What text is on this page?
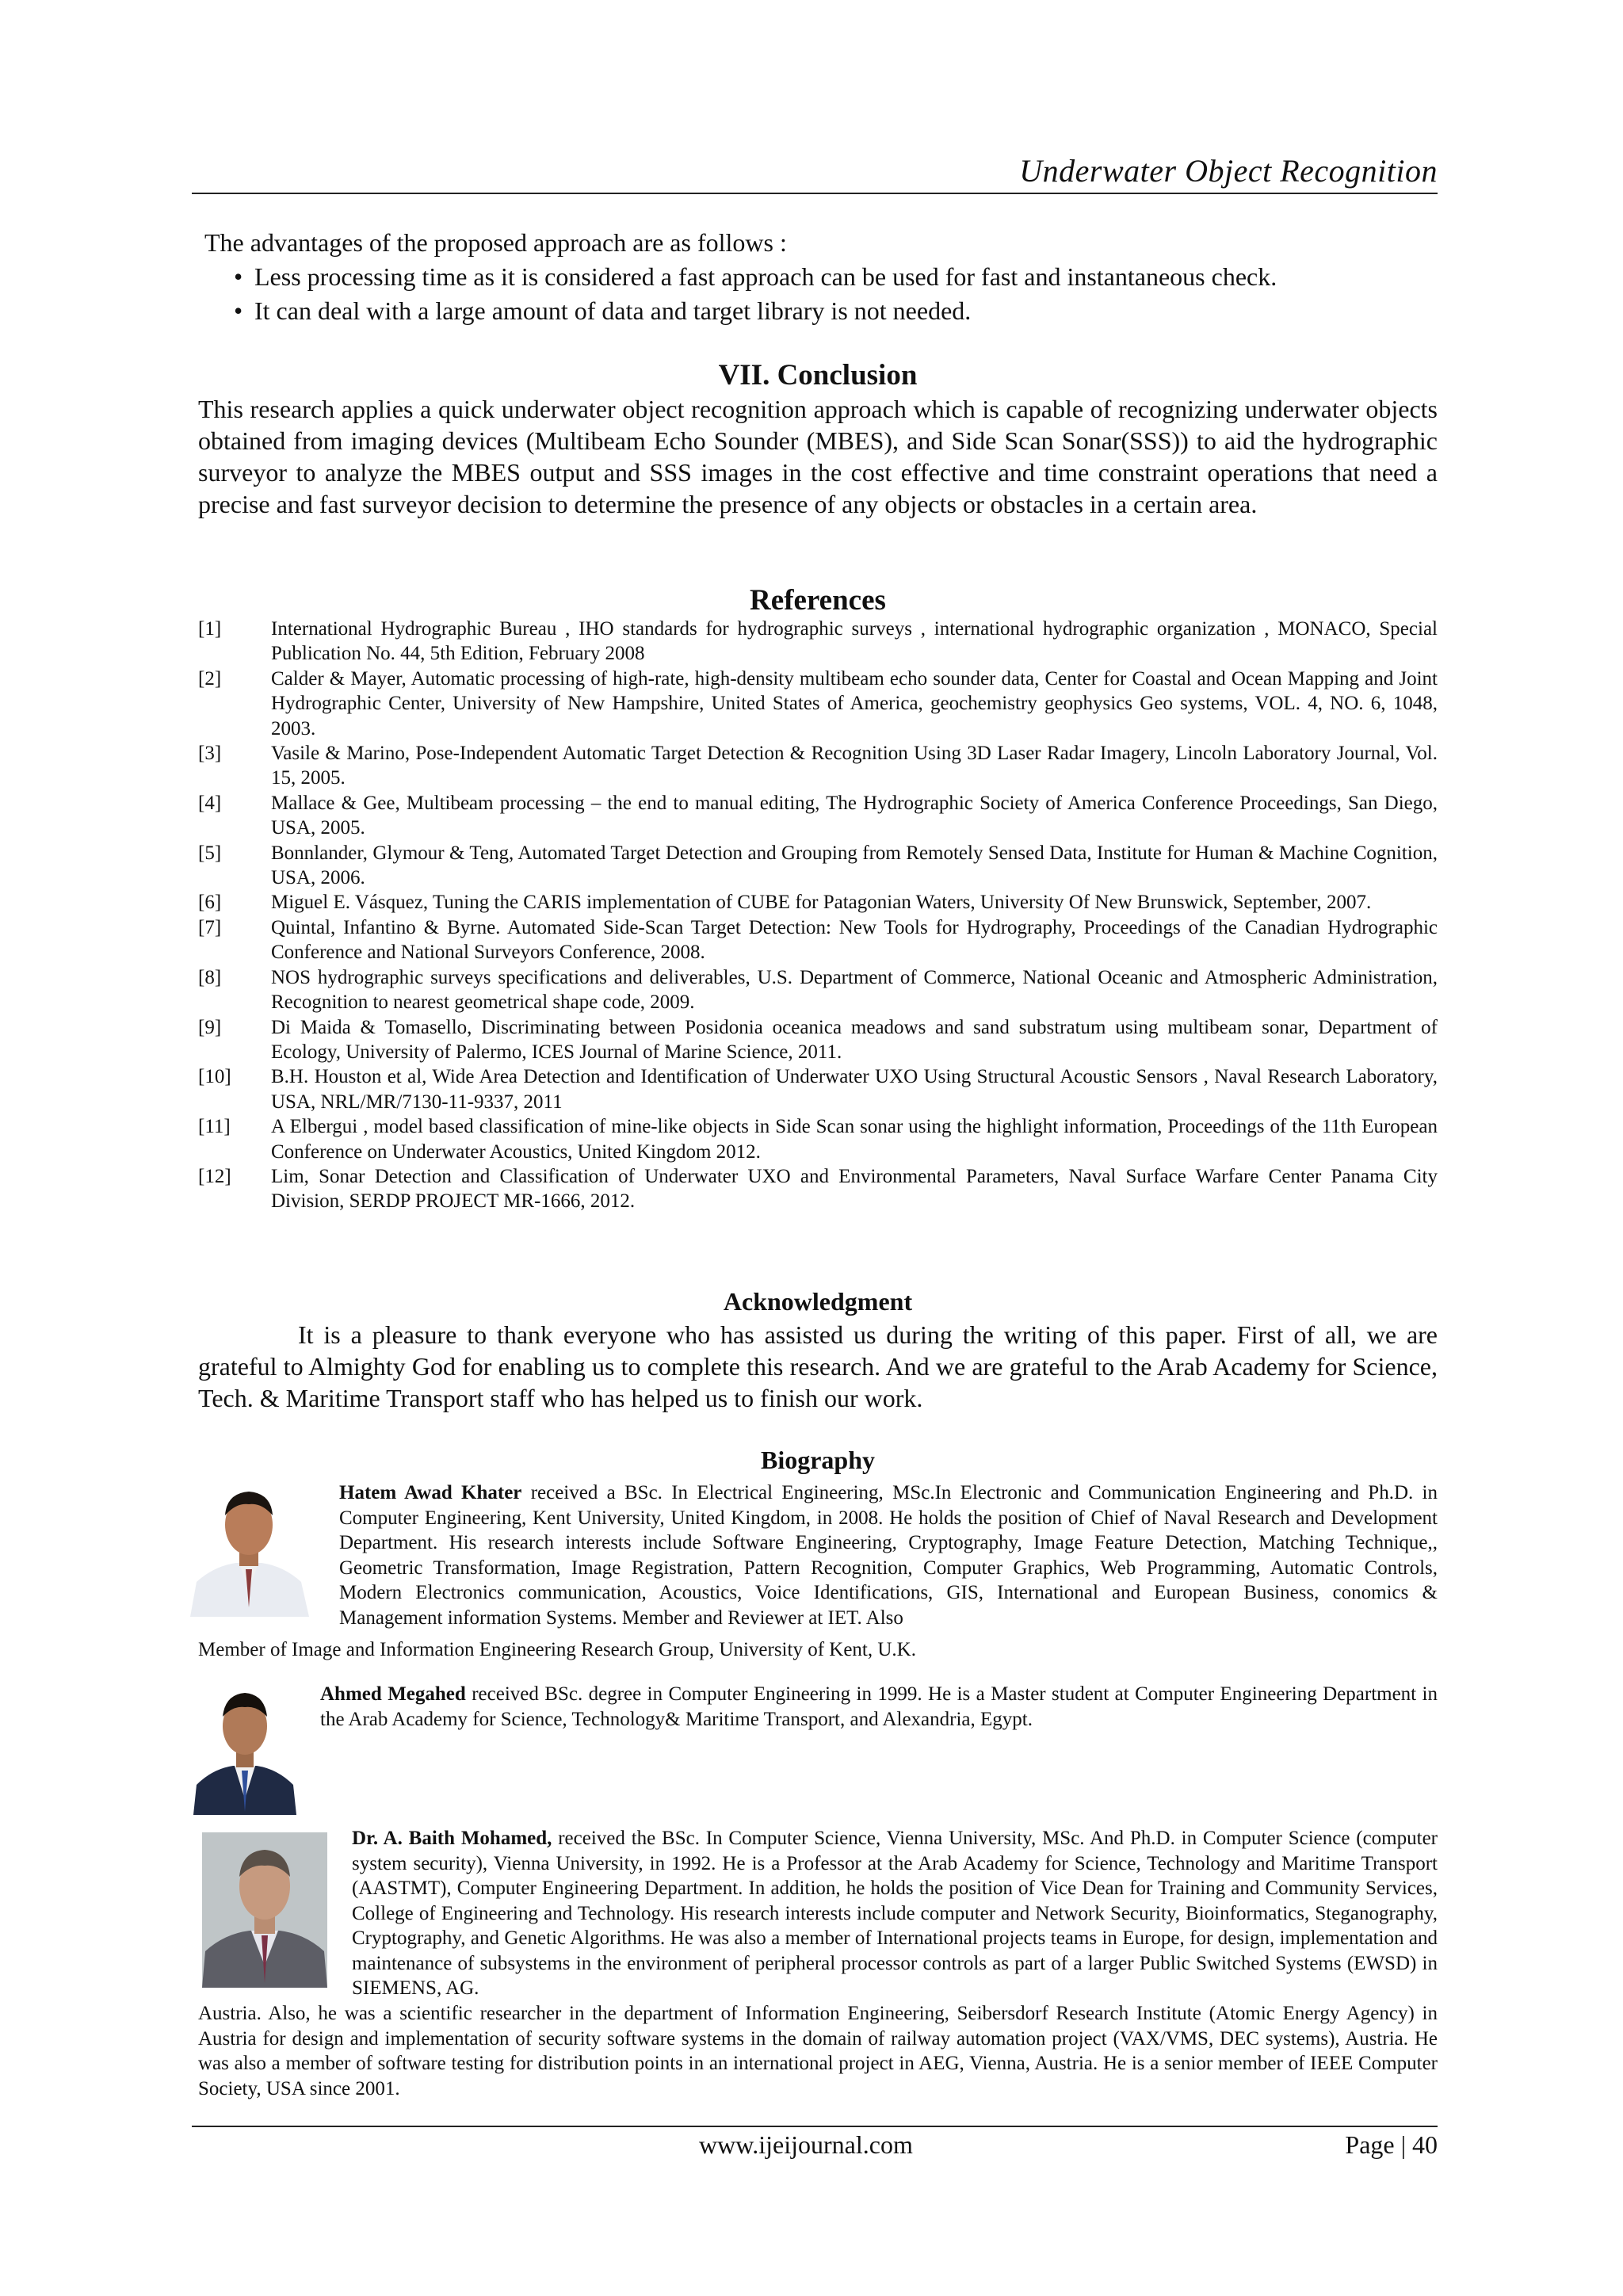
Underwater Object Recognition
The advantages of the proposed approach are as follows :
• Less processing time as it is considered a fast approach can be used for fast and instantaneous check.
• It can deal with a large amount of data and target library is not needed.
VII. Conclusion
This research applies a quick underwater object recognition approach which is capable of recognizing underwater objects obtained from imaging devices (Multibeam Echo Sounder (MBES), and Side Scan Sonar(SSS)) to aid the hydrographic surveyor to analyze the MBES output and SSS images in the cost effective and time constraint operations that need a precise and fast surveyor decision to determine the presence of any objects or obstacles in a certain area.
References
[1]	International Hydrographic Bureau , IHO standards for hydrographic surveys , international hydrographic organization , MONACO, Special Publication No. 44, 5th Edition, February 2008
[2]	Calder & Mayer, Automatic processing of high-rate, high-density multibeam echo sounder data, Center for Coastal and Ocean Mapping and Joint Hydrographic Center, University of New Hampshire, United States of America, geochemistry geophysics Geo systems, VOL. 4, NO. 6, 1048, 2003.
[3]	Vasile & Marino, Pose-Independent Automatic Target Detection & Recognition Using 3D Laser Radar Imagery, Lincoln Laboratory Journal, Vol. 15, 2005.
[4]	Mallace & Gee, Multibeam processing – the end to manual editing, The Hydrographic Society of America Conference Proceedings, San Diego, USA, 2005.
[5]	Bonnlander, Glymour & Teng, Automated Target Detection and Grouping from Remotely Sensed Data, Institute for Human & Machine Cognition, USA, 2006.
[6]	Miguel E. Vásquez, Tuning the CARIS implementation of CUBE for Patagonian Waters, University Of New Brunswick, September, 2007.
[7]	Quintal, Infantino & Byrne. Automated Side-Scan Target Detection: New Tools for Hydrography, Proceedings of the Canadian Hydrographic Conference and National Surveyors Conference, 2008.
[8]	NOS hydrographic surveys specifications and deliverables, U.S. Department of Commerce, National Oceanic and Atmospheric Administration, Recognition to nearest geometrical shape code, 2009.
[9]	Di Maida & Tomasello, Discriminating between Posidonia oceanica meadows and sand substratum using multibeam sonar, Department of Ecology, University of Palermo, ICES Journal of Marine Science, 2011.
[10]	B.H. Houston et al, Wide Area Detection and Identification of Underwater UXO Using Structural Acoustic Sensors , Naval Research Laboratory, USA, NRL/MR/7130-11-9337, 2011
[11]	A Elbergui , model based classification of mine-like objects in Side Scan sonar using the highlight information, Proceedings of the 11th European Conference on Underwater Acoustics, United Kingdom 2012.
[12]	Lim, Sonar Detection and Classification of Underwater UXO and Environmental Parameters, Naval Surface Warfare Center Panama City Division, SERDP PROJECT MR-1666, 2012.
Acknowledgment
It is a pleasure to thank everyone who has assisted us during the writing of this paper. First of all, we are grateful to Almighty God for enabling us to complete this research. And we are grateful to the Arab Academy for Science, Tech. & Maritime Transport staff who has helped us to finish our work.
Biography
Hatem Awad Khater received a BSc. In Electrical Engineering, MSc.In Electronic and Communication Engineering and Ph.D. in Computer Engineering, Kent University, United Kingdom, in 2008. He holds the position of Chief of Naval Research and Development Department. His research interests include Software Engineering, Cryptography, Image Feature Detection, Matching Technique,, Geometric Transformation, Image Registration, Pattern Recognition, Computer Graphics, Web Programming, Automatic Controls, Modern Electronics communication, Acoustics, Voice Identifications, GIS, International and European Business, conomics & Management information Systems. Member and Reviewer at IET. Also
Member of Image and Information Engineering Research Group, University of Kent, U.K.
Ahmed Megahed received BSc. degree in Computer Engineering in 1999. He is a Master student at Computer Engineering Department in the Arab Academy for Science, Technology& Maritime Transport, and Alexandria, Egypt.
Dr. A. Baith Mohamed, received the BSc. In Computer Science, Vienna University, MSc. And Ph.D. in Computer Science (computer system security), Vienna University, in 1992. He is a Professor at the Arab Academy for Science, Technology and Maritime Transport (AASTMT), Computer Engineering Department. In addition, he holds the position of Vice Dean for Training and Community Services, College of Engineering and Technology. His research interests include computer and Network Security, Bioinformatics, Steganography, Cryptography, and Genetic Algorithms. He was also a member of International projects teams in Europe, for design, implementation and maintenance of subsystems in the environment of peripheral processor controls as part of a larger Public Switched Systems (EWSD) in SIEMENS, AG.
Austria. Also, he was a scientific researcher in the department of Information Engineering, Seibersdorf Research Institute (Atomic Energy Agency) in Austria for design and implementation of security software systems in the domain of railway automation project (VAX/VMS, DEC systems), Austria. He was also a member of software testing for distribution points in an international project in AEG, Vienna, Austria. He is a senior member of IEEE Computer Society, USA since 2001.
www.ijeijournal.com	Page | 40
